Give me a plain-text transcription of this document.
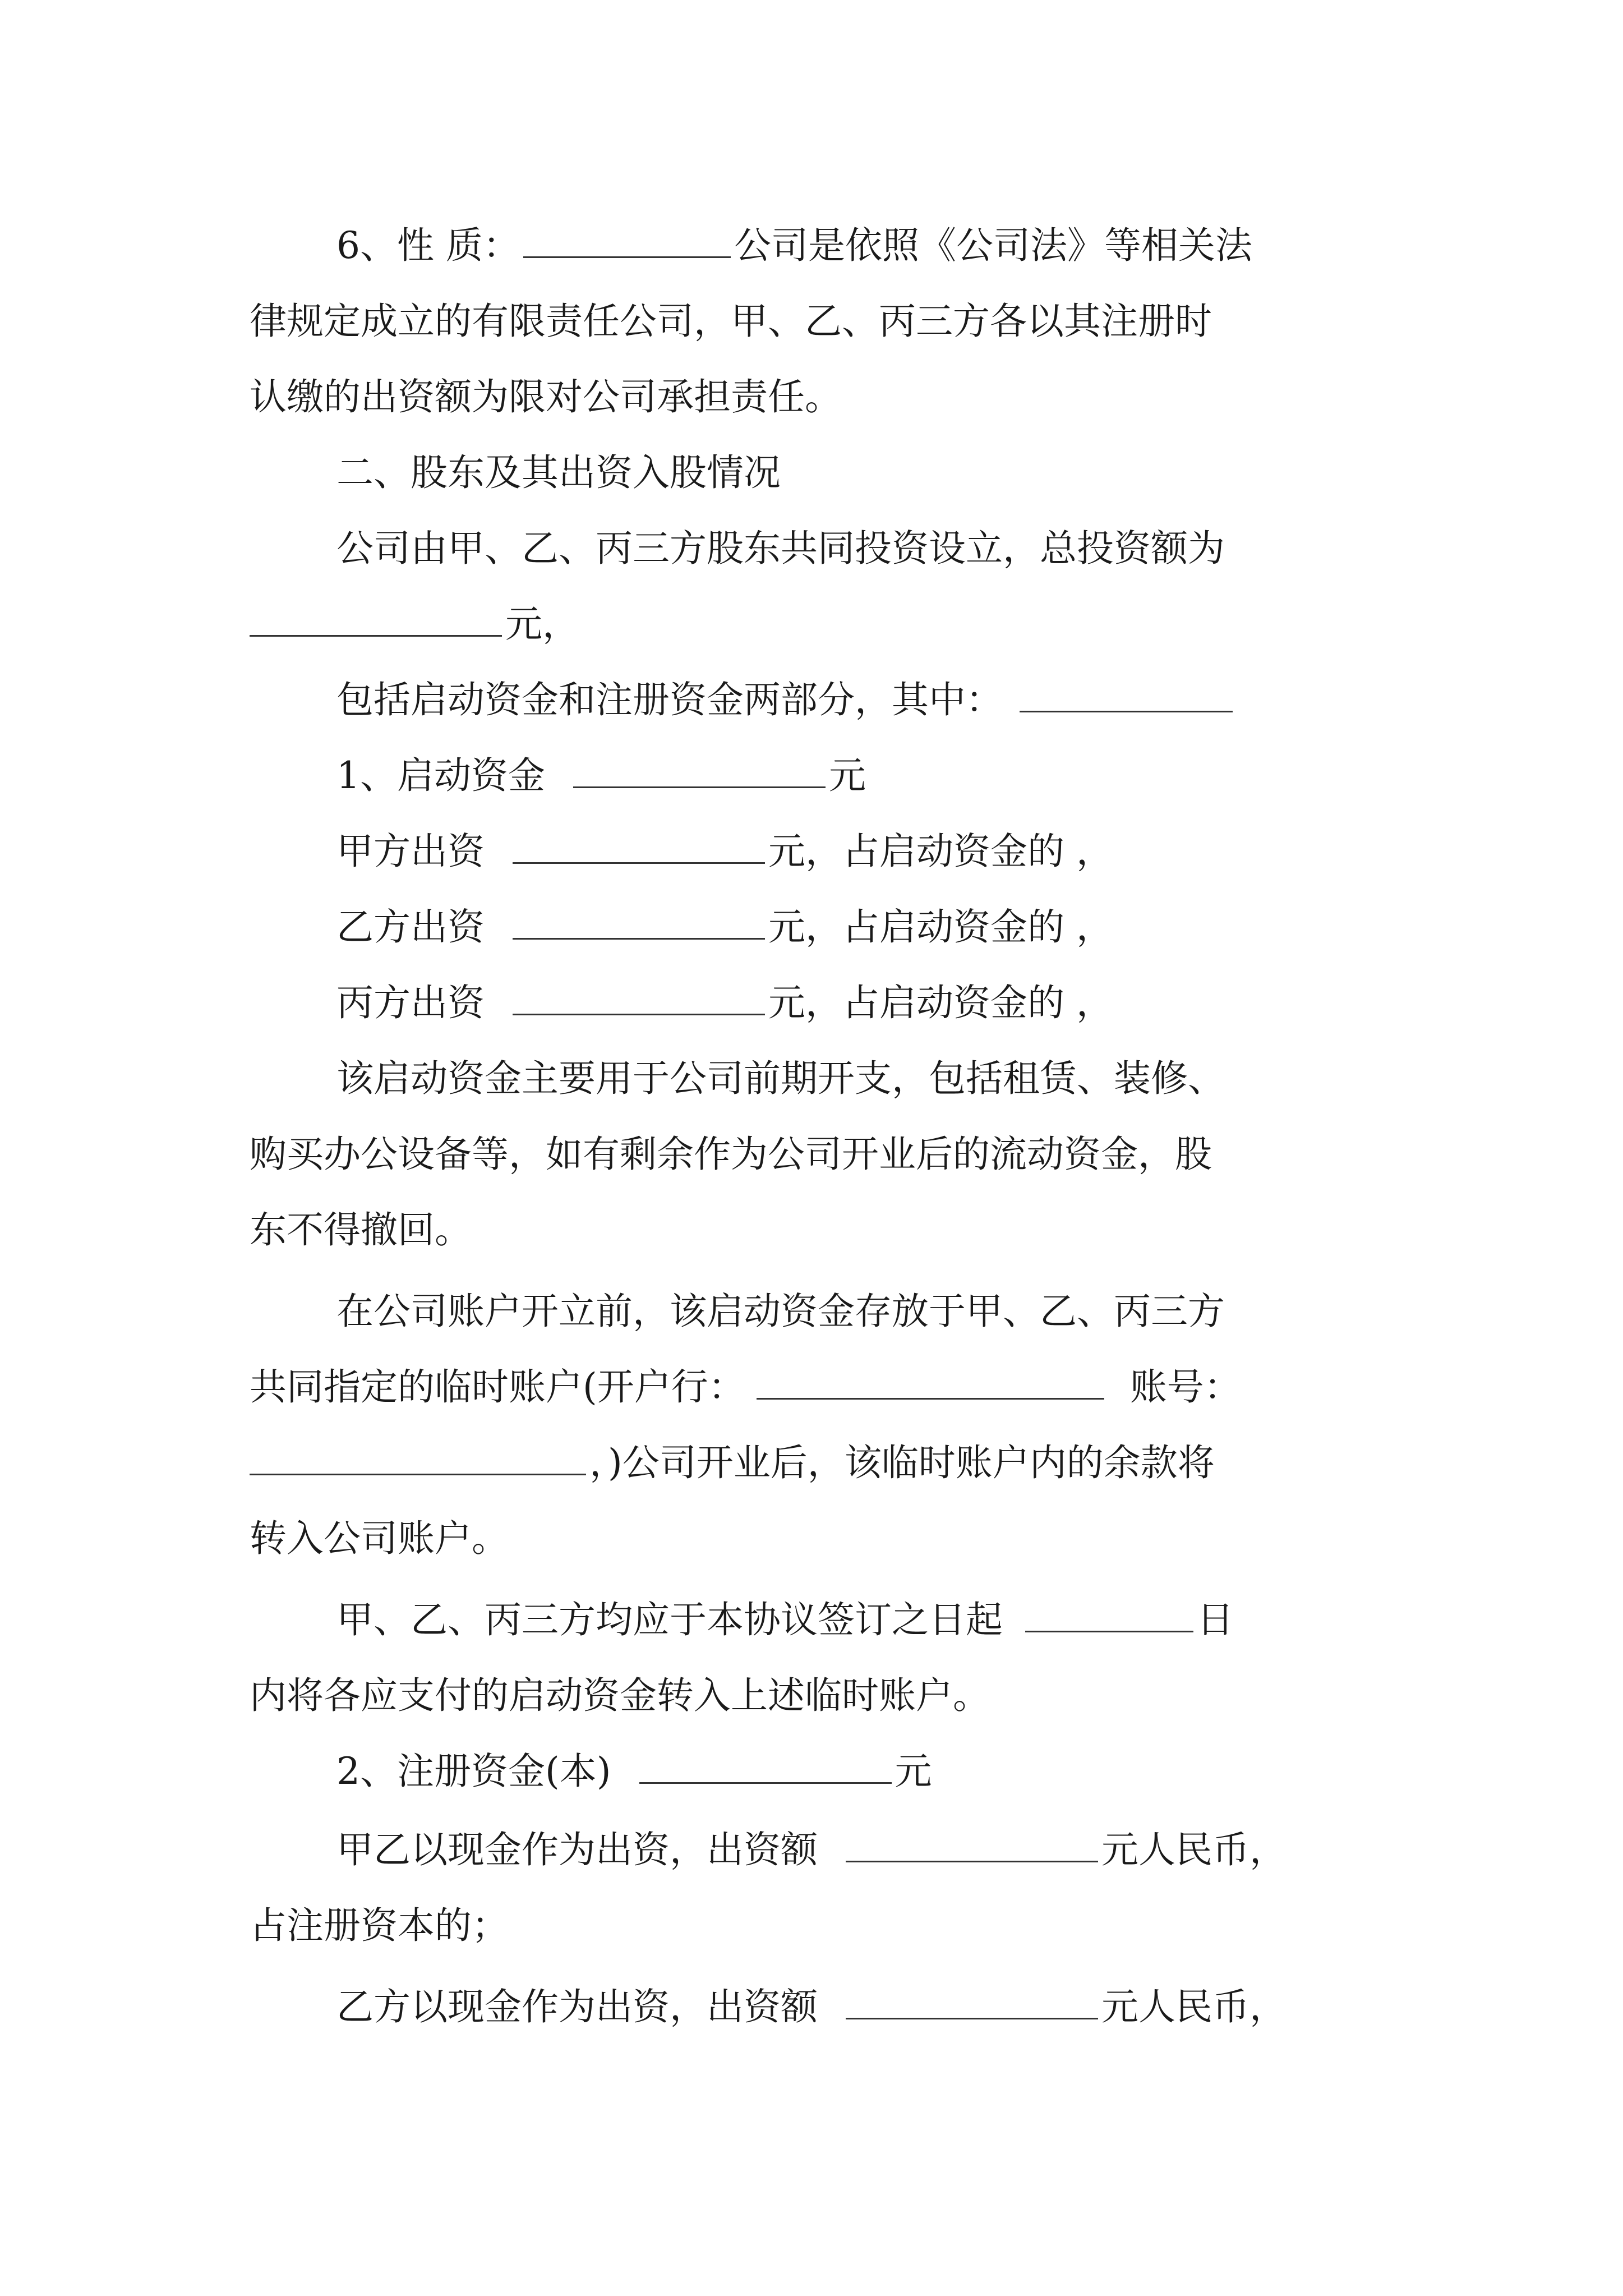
6、性 质：	公司是依照《公司法》等相关法
律规定成立的有限责任公司，甲、乙、丙三方各以其注册时
认缴的出资额为限对公司承担责任。
二、股东及其出资入股情况
公司由甲、乙、丙三方股东共同投资设立，总投资额为
元，
包括启动资金和注册资金两部分，其中：
1、启动资金	元
甲方出资	元，占启动资金的 ，
乙方出资	元，占启动资金的 ，
丙方出资	元，占启动资金的 ，
该启动资金主要用于公司前期开支，包括租赁、装修、
购买办公设备等，如有剩余作为公司开业后的流动资金，股
东不得撤回。
在公司账户开立前，该启动资金存放于甲、乙、丙三方
共同指定的临时账户(开户行：	账号：
，)公司开业后，该临时账户内的余款将
转入公司账户。
甲、乙、丙三方均应于本协议签订之日起	日
内将各应支付的启动资金转入上述临时账户。
2、注册资金(本)	元
甲乙以现金作为出资，出资额	元人民币，
占注册资本的；
乙方以现金作为出资，出资额	元人民币，
